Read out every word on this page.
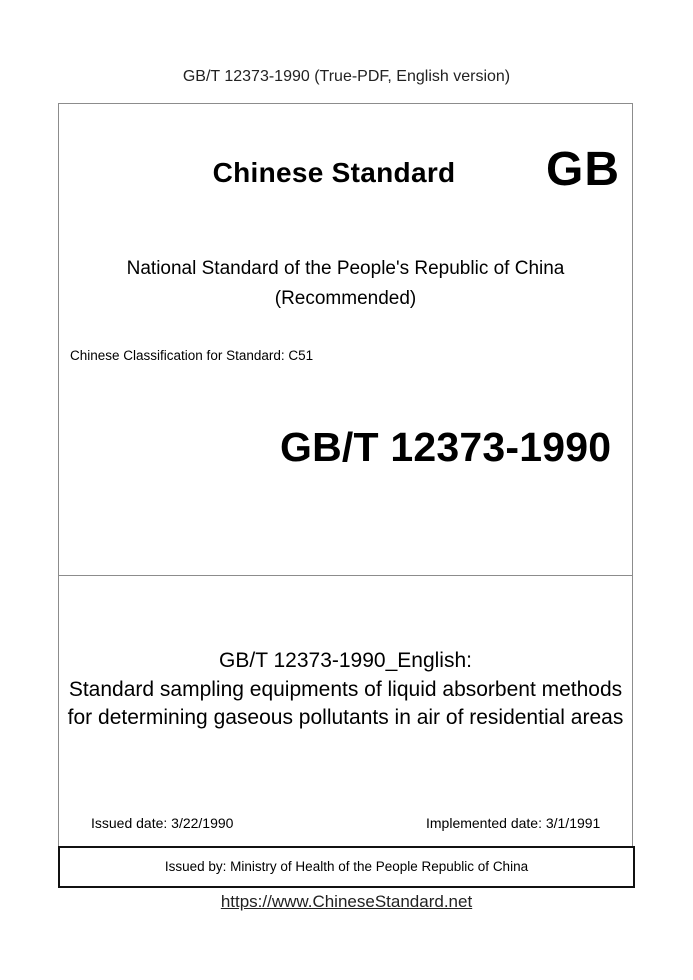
GB/T 12373-1990 (True-PDF, English version)
Chinese Standard	GB
National Standard of the People's Republic of China
(Recommended)
Chinese Classification for Standard: C51
GB/T 12373-1990
GB/T 12373-1990_English:
Standard sampling equipments of liquid absorbent methods
for determining gaseous pollutants in air of residential areas
Issued date: 3/22/1990	Implemented date: 3/1/1991
Issued by: Ministry of Health of the People Republic of China
https://www.ChineseStandard.net
